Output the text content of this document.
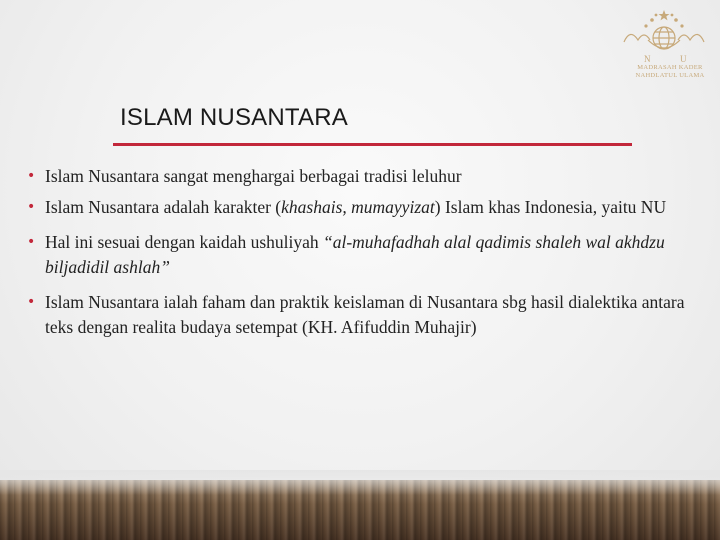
N	U
MADRASAH KADER
NAHDLATUL ULAMA
ISLAM NUSANTARA
• Islam Nusantara sangat menghargai berbagai tradisi leluhur
• Islam Nusantara adalah karakter (khashais, mumayyizat) Islam khas Indonesia, yaitu NU
• Hal ini sesuai dengan kaidah ushuliyah “al-muhafadhah alal qadimis shaleh wal akhdzu biljadidil ashlah”
• Islam Nusantara ialah faham dan praktik keislaman di Nusantara sbg hasil dialektika antara teks dengan realita budaya setempat (KH. Afifuddin Muhajir)
